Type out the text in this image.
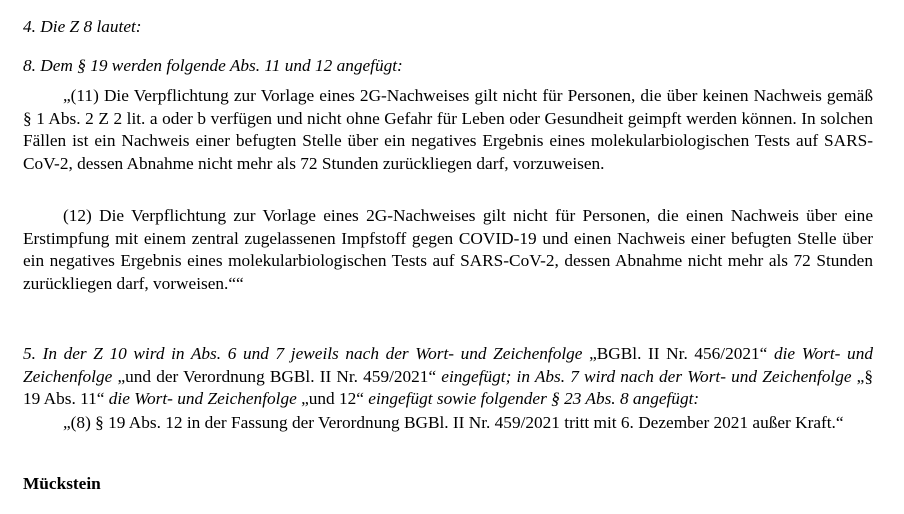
4. Die Z 8 lautet:

8. Dem § 19 werden folgende Abs. 11 und 12 angefügt:

„(11) Die Verpflichtung zur Vorlage eines 2G-Nachweises gilt nicht für Personen, die über keinen Nachweis gemäß § 1 Abs. 2 Z 2 lit. a oder b verfügen und nicht ohne Gefahr für Leben oder Gesundheit geimpft werden können. In solchen Fällen ist ein Nachweis einer befugten Stelle über ein negatives Ergebnis eines molekularbiologischen Tests auf SARS-CoV-2, dessen Abnahme nicht mehr als 72 Stunden zurückliegen darf, vorzuweisen.

(12) Die Verpflichtung zur Vorlage eines 2G-Nachweises gilt nicht für Personen, die einen Nachweis über eine Erstimpfung mit einem zentral zugelassenen Impfstoff gegen COVID-19 und einen Nachweis einer befugten Stelle über ein negatives Ergebnis eines molekularbiologischen Tests auf SARS-CoV-2, dessen Abnahme nicht mehr als 72 Stunden zurückliegen darf, vorweisen.““

5. In der Z 10 wird in Abs. 6 und 7 jeweils nach der Wort- und Zeichenfolge „BGBl. II Nr. 456/2021“ die Wort- und Zeichenfolge „und der Verordnung BGBl. II Nr. 459/2021“ eingefügt; in Abs. 7 wird nach der Wort- und Zeichenfolge „§ 19 Abs. 11“ die Wort- und Zeichenfolge „und 12“ eingefügt sowie folgender § 23 Abs. 8 angefügt:

„(8) § 19 Abs. 12 in der Fassung der Verordnung BGBl. II Nr. 459/2021 tritt mit 6. Dezember 2021 außer Kraft.“

Mückstein
